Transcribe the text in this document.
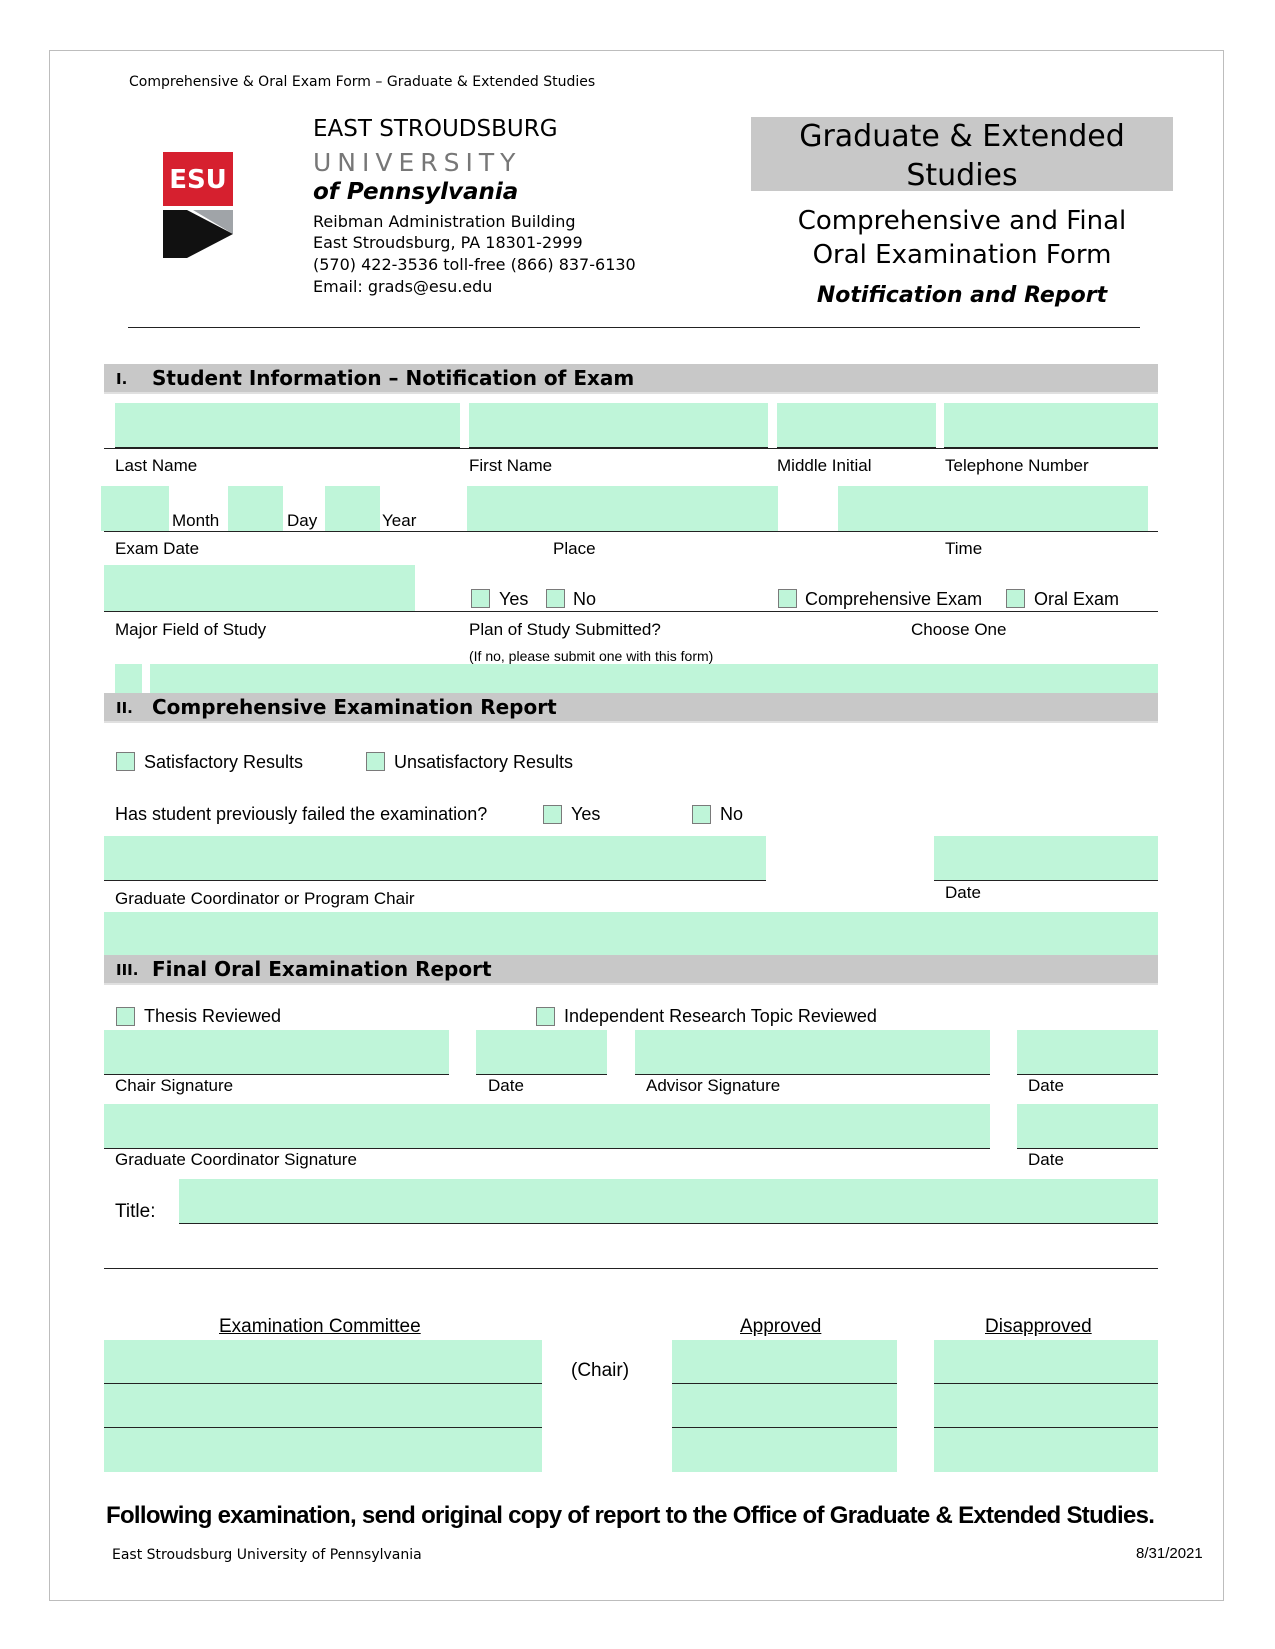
Comprehensive & Oral Exam Form – Graduate & Extended Studies
ESU
EAST STROUDSBURG
UNIVERSITY
of Pennsylvania
Reibman Administration Building
East Stroudsburg, PA 18301-2999
(570) 422-3536 toll-free (866) 837-6130
Email: grads@esu.edu
Graduate & Extended
Studies
Comprehensive and Final
Oral Examination Form
Notification and Report
I. Student Information – Notification of Exam
Last Name	First Name	Middle Initial	Telephone Number
Month	Day	Year
Exam Date	Place	Time
Yes No	Comprehensive Exam	Oral Exam
Major Field of Study	Plan of Study Submitted?
(If no, please submit one with this form)
Choose One
II. Comprehensive Examination Report
Satisfactory Results	Unsatisfactory Results
Has student previously failed the examination?	Yes	No
Graduate Coordinator or Program Chair	Date
III. Final Oral Examination Report
Thesis Reviewed	Independent Research Topic Reviewed
Chair Signature	Date	Advisor Signature	Date
Graduate Coordinator Signature	Date
Title:
Examination Committee	Approved	Disapproved
(Chair)
Following examination, send original copy of report to the Office of Graduate & Extended Studies.
East Stroudsburg University of Pennsylvania	8/31/2021
